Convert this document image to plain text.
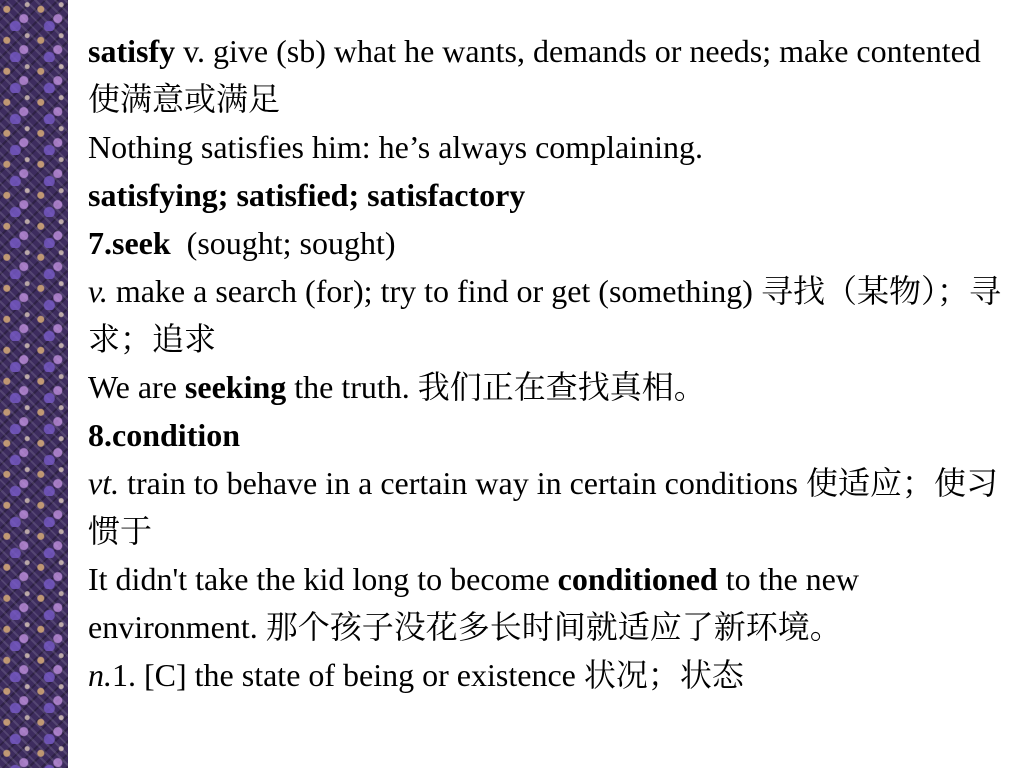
satisfy v. give (sb) what he wants, demands or needs; make contented 使满意或满足

Nothing satisfies him: he’s always complaining.

satisfying; satisfied; satisfactory

7.seek  (sought; sought)

v. make a search (for); try to find or get (something) 寻找（某物）；寻求；追求

We are seeking the truth. 我们正在查找真相。

8.condition

vt. train to behave in a certain way in certain conditions 使适应；使习惯于

It didn't take the kid long to become conditioned to the new environment. 那个孩子没花多长时间就适应了新环境。

n.1. [C] the state of being or existence 状况；状态
